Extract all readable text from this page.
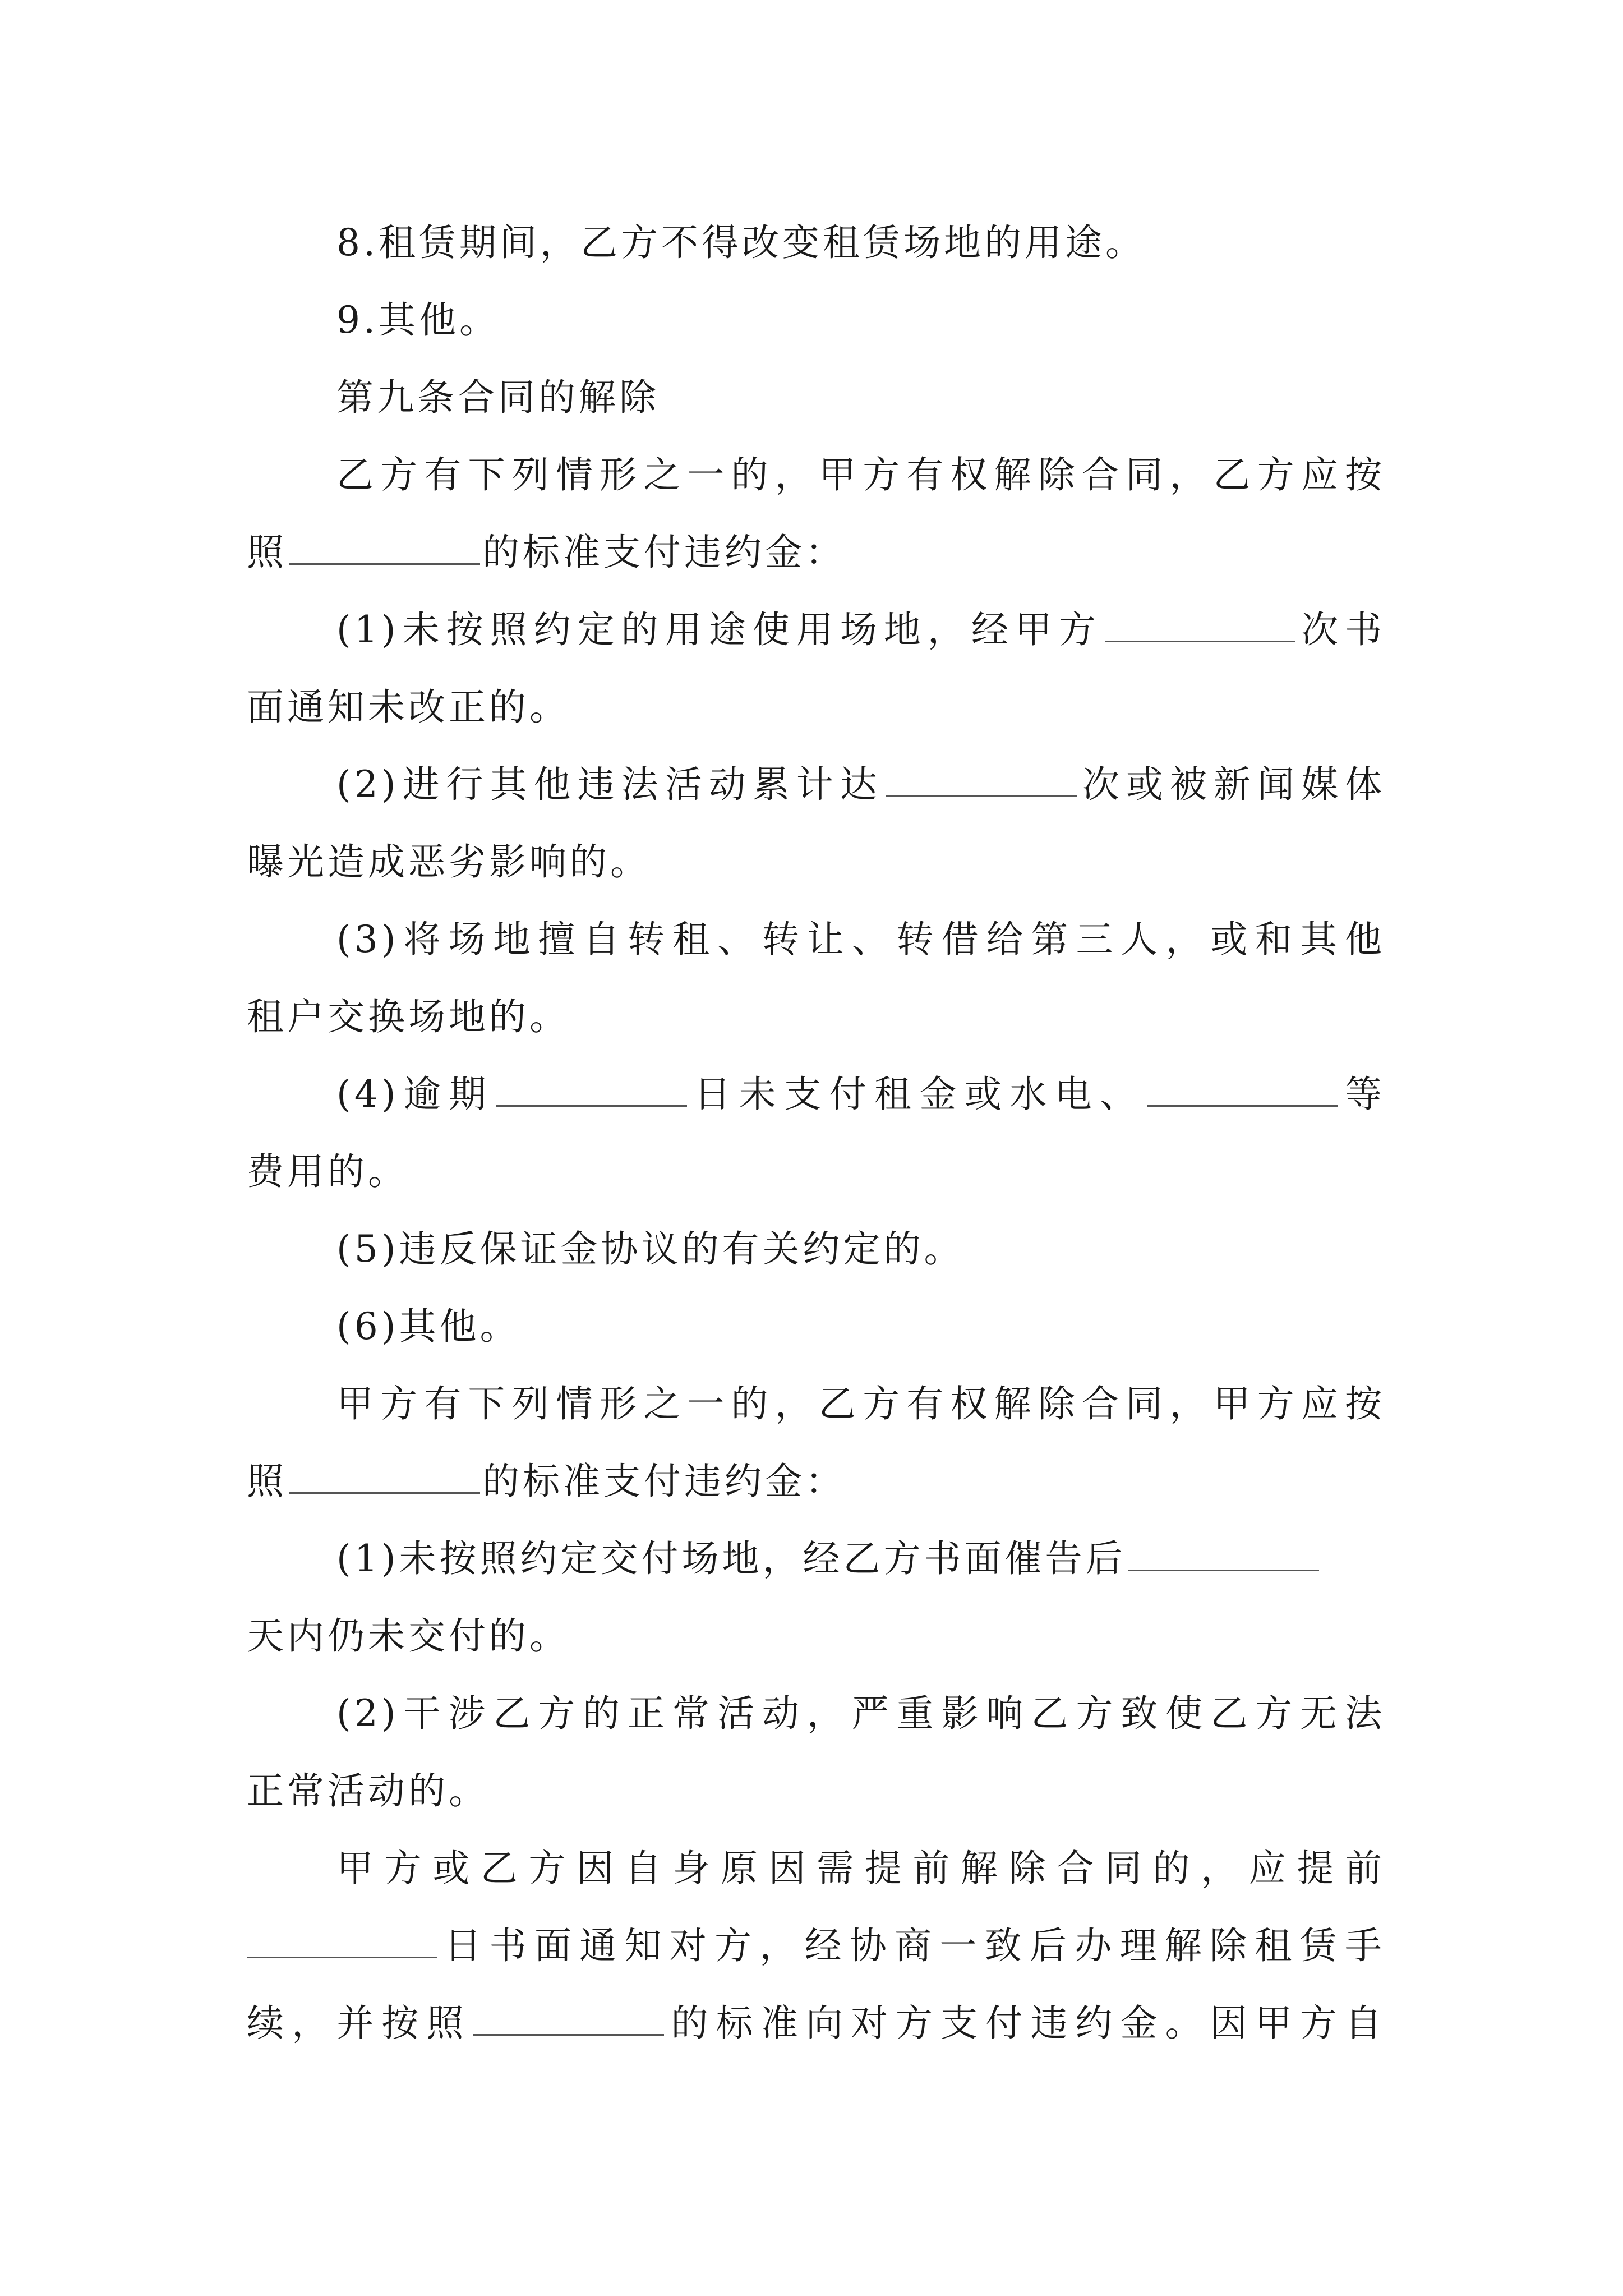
8.租赁期间，乙方不得改变租赁场地的用途。
9.其他。
第九条合同的解除
乙方有下列情形之一的，甲方有权解除合同，乙方应按
照	的标准支付违约金：
(1)未按照约定的用途使用场地，经甲方	次书
面通知未改正的。
(2)进行其他违法活动累计达	次或被新闻媒体
曝光造成恶劣影响的。
(3)将场地擅自转租、转让、转借给第三人，或和其他
租户交换场地的。
(4)逾期	日未支付租金或水电、	等
费用的。
(5)违反保证金协议的有关约定的。
(6)其他。
甲方有下列情形之一的，乙方有权解除合同，甲方应按
照	的标准支付违约金：
(1)未按照约定交付场地，经乙方书面催告后
天内仍未交付的。
(2)干涉乙方的正常活动，严重影响乙方致使乙方无法
正常活动的。
甲方或乙方因自身原因需提前解除合同的，应提前
日书面通知对方，经协商一致后办理解除租赁手
续，并按照	的标准向对方支付违约金。因甲方自
